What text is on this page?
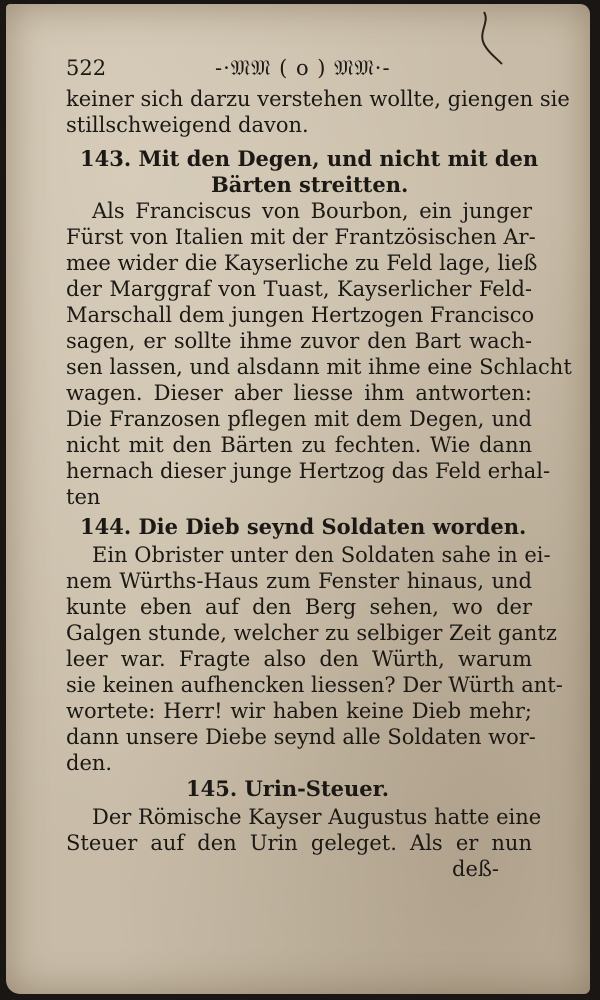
522	-·𝔐𝔐 ( o ) 𝔐𝔐·-
keiner sich darzu verstehen wollte, giengen sie
stillschweigend davon.
143. Mit den Degen, und nicht mit den
Bärten streitten.
Als Franciscus von Bourbon, ein junger
Fürst von Italien mit der Frantzösischen Ar-
mee wider die Kayserliche zu Feld lage, ließ
der Marggraf von Tuast, Kayserlicher Feld-
Marschall dem jungen Hertzogen Francisco
sagen, er sollte ihme zuvor den Bart wach-
sen lassen, und alsdann mit ihme eine Schlacht
wagen. Dieser aber liesse ihm antworten:
Die Franzosen pflegen mit dem Degen, und
nicht mit den Bärten zu fechten. Wie dann
hernach dieser junge Hertzog das Feld erhal-
ten
144. Die Dieb seynd Soldaten worden.
Ein Obrister unter den Soldaten sahe in ei-
nem Würths-Haus zum Fenster hinaus, und
kunte eben auf den Berg sehen, wo der
Galgen stunde, welcher zu selbiger Zeit gantz
leer war. Fragte also den Würth, warum
sie keinen aufhencken liessen? Der Würth ant-
wortete: Herr! wir haben keine Dieb mehr;
dann unsere Diebe seynd alle Soldaten wor-
den.
145. Urin-Steuer.
Der Römische Kayser Augustus hatte eine
Steuer auf den Urin geleget. Als er nun
deß-
